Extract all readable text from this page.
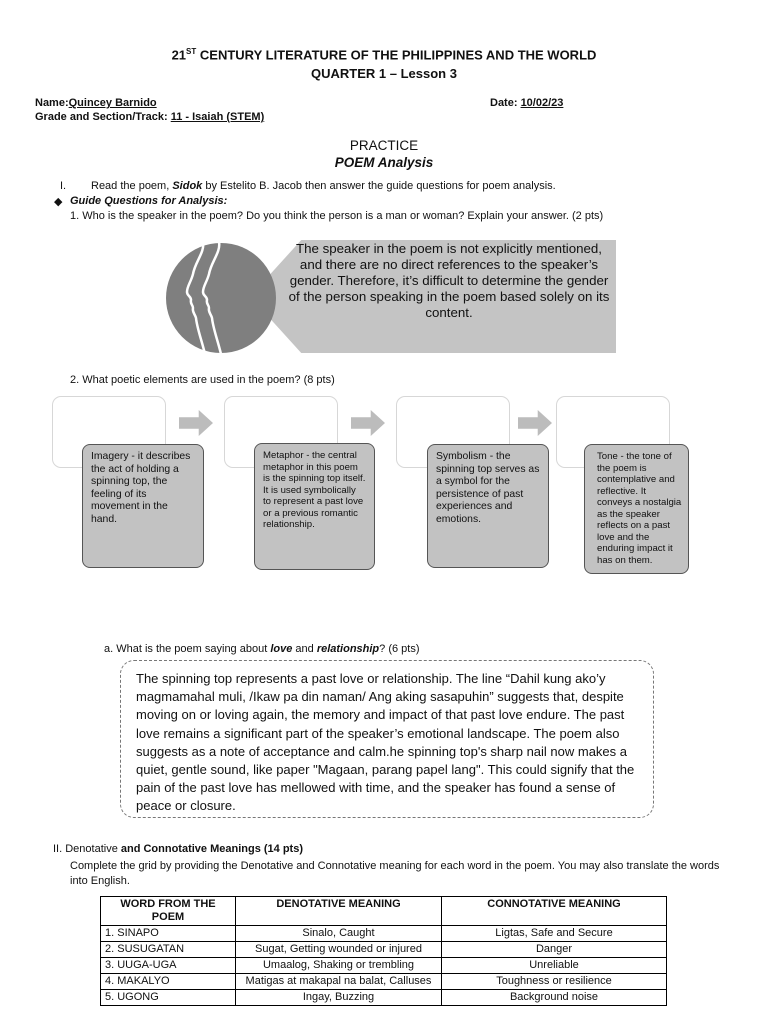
21ST CENTURY LITERATURE OF THE PHILIPPINES AND THE WORLD
QUARTER 1 – Lesson 3
Name:Quincey Barnido	Date: 10/02/23
Grade and Section/Track: 11 - Isaiah (STEM)
PRACTICE
POEM Analysis
I. Read the poem, Sidok by Estelito B. Jacob then answer the guide questions for poem analysis.
◆ Guide Questions for Analysis:
1. Who is the speaker in the poem? Do you think the person is a man or woman? Explain your answer. (2 pts)
The speaker in the poem is not explicitly mentioned, and there are no direct references to the speaker’s gender. Therefore, it’s difficult to determine the gender of the person speaking in the poem based solely on its content.
2. What poetic elements are used in the poem? (8 pts)
Imagery - it describes the act of holding a spinning top, the feeling of its movement in the hand.
Metaphor - the central metaphor in this poem is the spinning top itself. It is used symbolically to represent a past love or a previous romantic relationship.
Symbolism - the spinning top serves as a symbol for the persistence of past experiences and emotions.
Tone - the tone of the poem is contemplative and reflective. It conveys a nostalgia as the speaker reflects on a past love and the enduring impact it has on them.
a. What is the poem saying about love and relationship? (6 pts)
The spinning top represents a past love or relationship. The line “Dahil kung ako’y magmamahal muli, /Ikaw pa din naman/ Ang aking sasapuhin” suggests that, despite moving on or loving again, the memory and impact of that past love endure. The past love remains a significant part of the speaker’s emotional landscape. The poem also suggests as a note of acceptance and calm.he spinning top's sharp nail now makes a quiet, gentle sound, like paper "Magaan, parang papel lang". This could signify that the pain of the past love has mellowed with time, and the speaker has found a sense of peace or closure.
II. Denotative and Connotative Meanings (14 pts)
Complete the grid by providing the Denotative and Connotative meaning for each word in the poem. You may also translate the words into English.
WORD FROM THE POEM	DENOTATIVE MEANING	CONNOTATIVE MEANING
1. SINAPO	Sinalo, Caught	Ligtas, Safe and Secure
2. SUSUGATAN	Sugat, Getting wounded or injured	Danger
3. UUGA-UGA	Umaalog, Shaking or trembling	Unreliable
4. MAKALYO	Matigas at makapal na balat, Calluses	Toughness or resilience
5. UGONG	Ingay, Buzzing	Background noise
